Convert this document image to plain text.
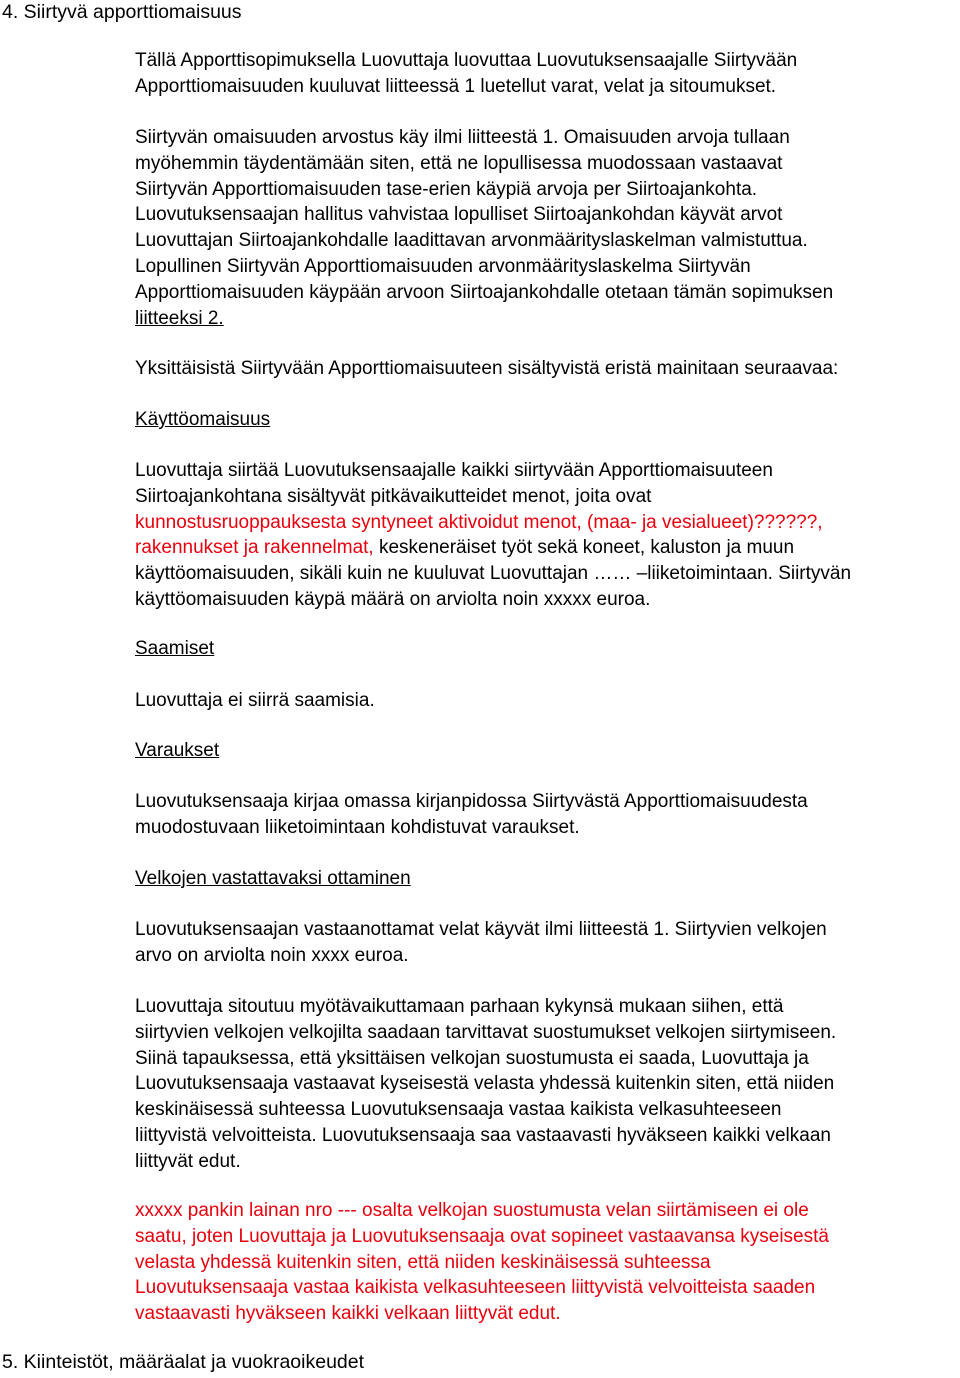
4. Siirtyvä apporttiomaisuus

Tällä Apporttisopimuksella Luovuttaja luovuttaa Luovutuksensaajalle Siirtyvään
Apporttiomaisuuden kuuluvat liitteessä 1 luetellut varat, velat ja sitoumukset.

Siirtyvän omaisuuden arvostus käy ilmi liitteestä 1. Omaisuuden arvoja tullaan
myöhemmin täydentämään siten, että ne lopullisessa muodossaan vastaavat
Siirtyvän Apporttiomaisuuden tase-erien käypiä arvoja per Siirtoajankohta.
Luovutuksensaajan hallitus vahvistaa lopulliset Siirtoajankohdan käyvät arvot
Luovuttajan Siirtoajankohdalle laadittavan arvonmäärityslaskelman valmistuttua.
Lopullinen Siirtyvän Apporttiomaisuuden arvonmäärityslaskelma Siirtyvän
Apporttiomaisuuden käypään arvoon Siirtoajankohdalle otetaan tämän sopimuksen
liitteeksi 2.

Yksittäisistä Siirtyvään Apporttiomaisuuteen sisältyvistä eristä mainitaan seuraavaa:

Käyttöomaisuus

Luovuttaja siirtää Luovutuksensaajalle kaikki siirtyvään Apporttiomaisuuteen
Siirtoajankohtana sisältyvät pitkävaikutteidet menot, joita ovat
kunnostusruoppauksesta syntyneet aktivoidut menot, (maa- ja vesialueet)??????,
rakennukset ja rakennelmat, keskeneräiset työt sekä koneet, kaluston ja muun
käyttöomaisuuden, sikäli kuin ne kuuluvat Luovuttajan …… –liiketoimintaan. Siirtyvän
käyttöomaisuuden käypä määrä on arviolta noin xxxxx euroa.

Saamiset

Luovuttaja ei siirrä saamisia.

Varaukset

Luovutuksensaaja kirjaa omassa kirjanpidossa Siirtyvästä Apporttiomaisuudesta
muodostuvaan liiketoimintaan kohdistuvat varaukset.

Velkojen vastattavaksi ottaminen

Luovutuksensaajan vastaanottamat velat käyvät ilmi liitteestä 1. Siirtyvien velkojen
arvo on arviolta noin xxxx euroa.

Luovuttaja sitoutuu myötävaikuttamaan parhaan kykynsä mukaan siihen, että
siirtyvien velkojen velkojilta saadaan tarvittavat suostumukset velkojen siirtymiseen.
Siinä tapauksessa, että yksittäisen velkojan suostumusta ei saada, Luovuttaja ja
Luovutuksensaaja vastaavat kyseisestä velasta yhdessä kuitenkin siten, että niiden
keskinäisessä suhteessa Luovutuksensaaja vastaa kaikista velkasuhteeseen
liittyvistä velvoitteista. Luovutuksensaaja saa vastaavasti hyväkseen kaikki velkaan
liittyvät edut.

xxxxx pankin lainan nro --- osalta velkojan suostumusta velan siirtämiseen ei ole
saatu, joten Luovuttaja ja Luovutuksensaaja ovat sopineet vastaavansa kyseisestä
velasta yhdessä kuitenkin siten, että niiden keskinäisessä suhteessa
Luovutuksensaaja vastaa kaikista velkasuhteeseen liittyvistä velvoitteista saaden
vastaavasti hyväkseen kaikki velkaan liittyvät edut.

5. Kiinteistöt, määräalat ja vuokraoikeudet
